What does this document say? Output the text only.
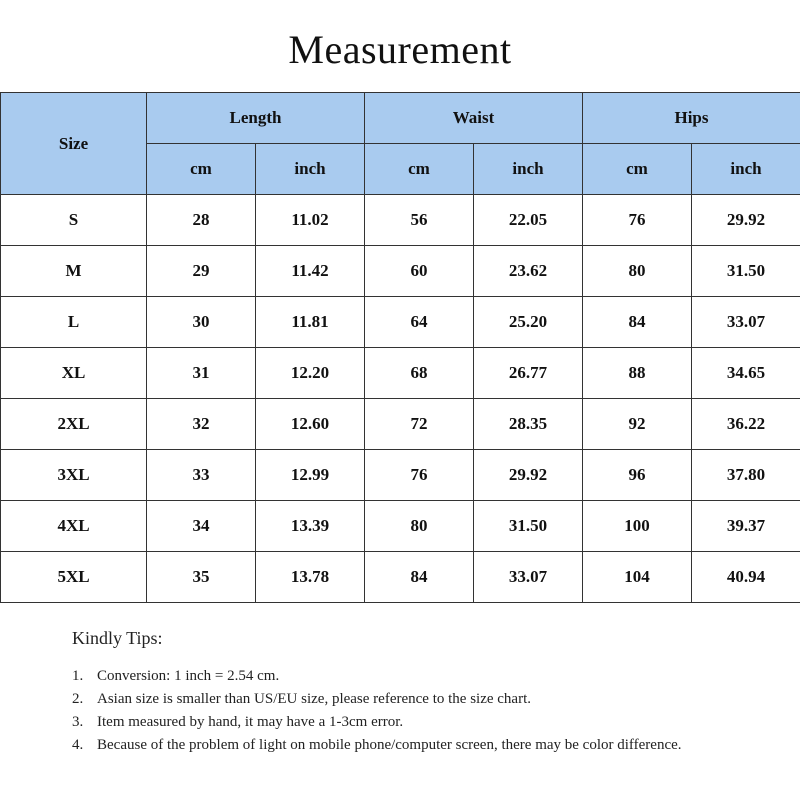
Measurement
Size	Length		Waist		Hips	
	cm	inch	cm	inch	cm	inch
S	28	11.02	56	22.05	76	29.92
M	29	11.42	60	23.62	80	31.50
L	30	11.81	64	25.20	84	33.07
XL	31	12.20	68	26.77	88	34.65
2XL	32	12.60	72	28.35	92	36.22
3XL	33	12.99	76	29.92	96	37.80
4XL	34	13.39	80	31.50	100	39.37
5XL	35	13.78	84	33.07	104	40.94

Kindly Tips:

1. Conversion: 1 inch = 2.54 cm.
2. Asian size is smaller than US/EU size, please reference to the size chart.
3. Item measured by hand, it may have a 1-3cm error.
4. Because of the problem of light on mobile phone/computer screen, there may be color difference.
